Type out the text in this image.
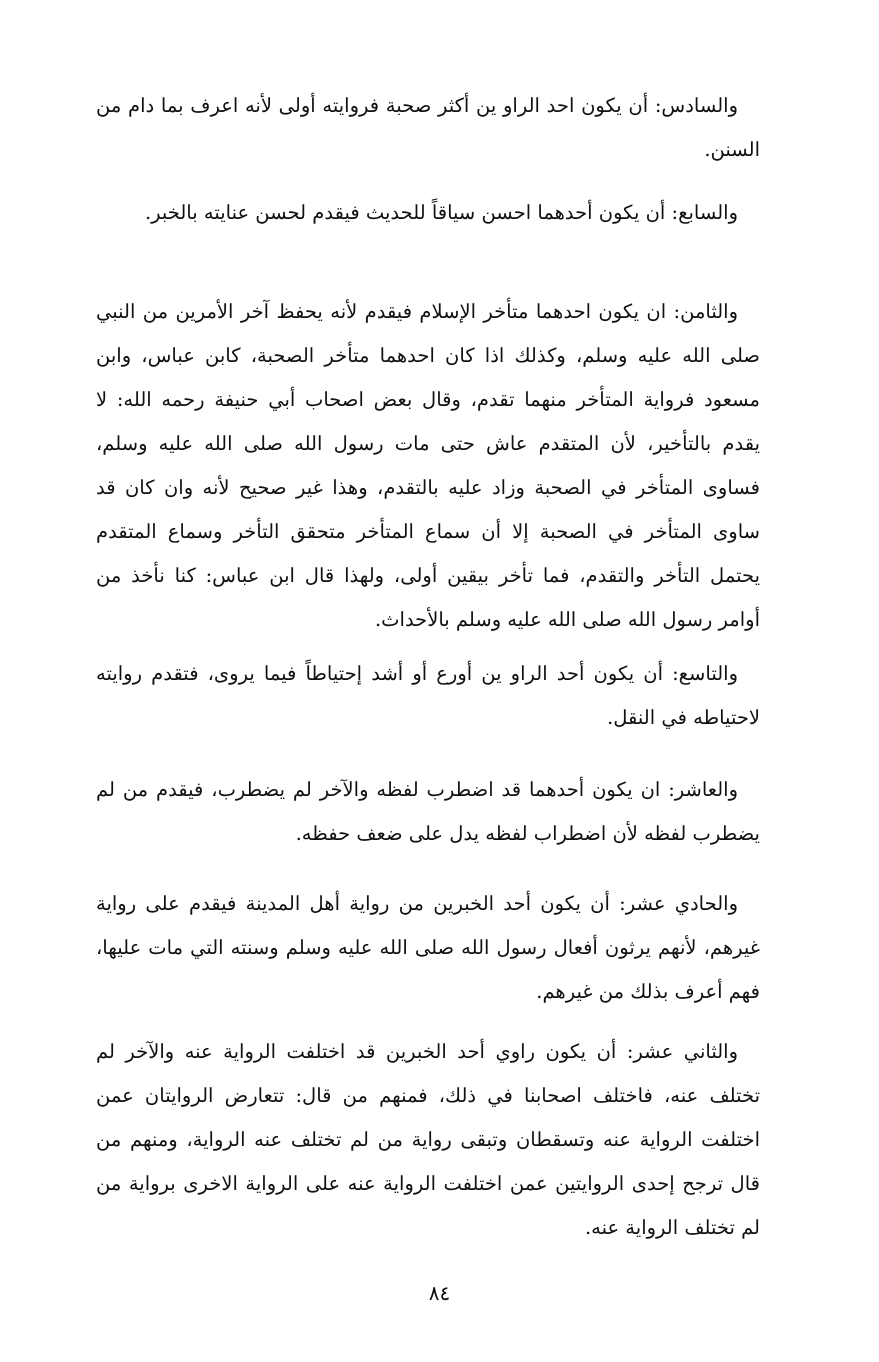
والسادس: أن يكون احد الراو ين أكثر صحبة فروايته أولى لأنه اعرف بما دام من السنن.

والسابع: أن يكون أحدهما احسن سياقاً للحديث فيقدم لحسن عنايته بالخبر.

والثامن: ان يكون احدهما متأخر الإسلام فيقدم لأنه يحفظ آخر الأمرين من النبي صلى الله عليه وسلم، وكذلك اذا كان احدهما متأخر الصحبة، كابن عباس، وابن مسعود فرواية المتأخر منهما تقدم، وقال بعض اصحاب أبي حنيفة رحمه الله: لا يقدم بالتأخير، لأن المتقدم عاش حتى مات رسول الله صلى الله عليه وسلم، فساوى المتأخر في الصحبة وزاد عليه بالتقدم، وهذا غير صحيح لأنه وان كان قد ساوى المتأخر في الصحبة إلا أن سماع المتأخر متحقق التأخر وسماع المتقدم يحتمل التأخر والتقدم، فما تأخر بيقين أولى، ولهذا قال ابن عباس: كنا نأخذ من أوامر رسول الله صلى الله عليه وسلم بالأحداث.

والتاسع: أن يكون أحد الراو ين أورع أو أشد إحتياطاً فيما يروى، فتقدم روايته لاحتياطه في النقل.

والعاشر: ان يكون أحدهما قد اضطرب لفظه والآخر لم يضطرب، فيقدم من لم يضطرب لفظه لأن اضطراب لفظه يدل على ضعف حفظه.

والحادي عشر: أن يكون أحد الخبرين من رواية أهل المدينة فيقدم على رواية غيرهم، لأنهم يرثون أفعال رسول الله صلى الله عليه وسلم وسنته التي مات عليها، فهم أعرف بذلك من غيرهم.

والثاني عشر: أن يكون راوي أحد الخبرين قد اختلفت الرواية عنه والآخر لم تختلف عنه، فاختلف اصحابنا في ذلك، فمنهم من قال: تتعارض الروايتان عمن اختلفت الرواية عنه وتسقطان وتبقى رواية من لم تختلف عنه الرواية، ومنهم من قال ترجح إحدى الروايتين عمن اختلفت الرواية عنه على الرواية الاخرى برواية من لم تختلف الرواية عنه.

٨٤
